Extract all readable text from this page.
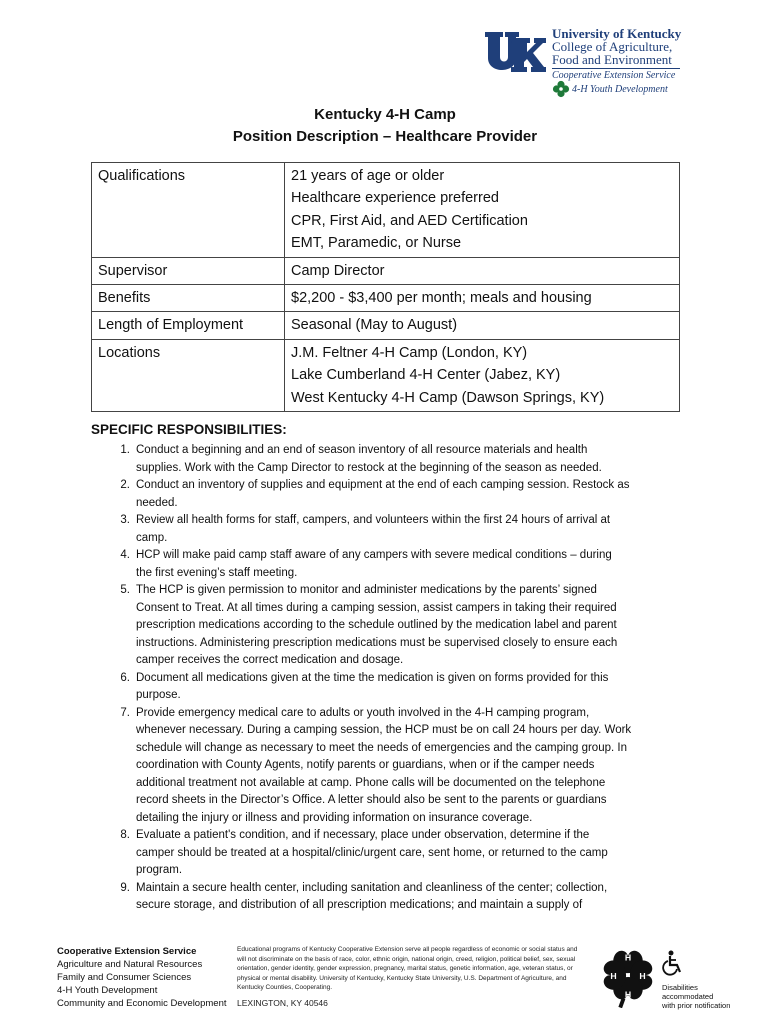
University of Kentucky
College of Agriculture,
Food and Environment
Cooperative Extension Service
4-H Youth Development
Kentucky 4-H Camp
Position Description – Healthcare Provider
Qualifications	21 years of age or older
Healthcare experience preferred
CPR, First Aid, and AED Certification
EMT, Paramedic, or Nurse

Supervisor	Camp Director

Benefits	$2,200 - $3,400 per month; meals and housing

Length of Employment	Seasonal (May to August)

Locations	J.M. Feltner 4-H Camp (London, KY)
Lake Cumberland 4-H Center (Jabez, KY)
West Kentucky 4-H Camp (Dawson Springs, KY)
SPECIFIC RESPONSIBILITIES:
1. Conduct a beginning and an end of season inventory of all resource materials and health
supplies. Work with the Camp Director to restock at the beginning of the season as needed.
2. Conduct an inventory of supplies and equipment at the end of each camping session. Restock as
needed.
3. Review all health forms for staff, campers, and volunteers within the first 24 hours of arrival at
camp.
4. HCP will make paid camp staff aware of any campers with severe medical conditions – during
the first evening’s staff meeting.
5. The HCP is given permission to monitor and administer medications by the parents’ signed
Consent to Treat. At all times during a camping session, assist campers in taking their required
prescription medications according to the schedule outlined by the medication label and parent
instructions. Administering prescription medications must be supervised closely to ensure each
camper receives the correct medication and dosage.
6. Document all medications given at the time the medication is given on forms provided for this
purpose.
7. Provide emergency medical care to adults or youth involved in the 4-H camping program,
whenever necessary. During a camping session, the HCP must be on call 24 hours per day. Work
schedule will change as necessary to meet the needs of emergencies and the camping group. In
coordination with County Agents, notify parents or guardians, when or if the camper needs
additional treatment not available at camp. Phone calls will be documented on the telephone
record sheets in the Director’s Office. A letter should also be sent to the parents or guardians
detailing the injury or illness and providing information on insurance coverage.
8. Evaluate a patient's condition, and if necessary, place under observation, determine if the
camper should be treated at a hospital/clinic/urgent care, sent home, or returned to the camp
program.
9. Maintain a secure health center, including sanitation and cleanliness of the center; collection,
secure storage, and distribution of all prescription medications; and maintain a supply of
Cooperative Extension Service
Agriculture and Natural Resources
Family and Consumer Sciences
4-H Youth Development
Community and Economic Development
Educational programs of Kentucky Cooperative Extension serve all people regardless of economic or social status and will not discriminate on the basis of race, color, ethnic origin, national origin, creed, religion, political belief, sex, sexual orientation, gender identity, gender expression, pregnancy, marital status, genetic information, age, veteran status, or physical or mental disability. University of Kentucky, Kentucky State University, U.S. Department of Agriculture, and Kentucky Counties, Cooperating.
LEXINGTON, KY 40546
H
H
H
H
Disabilities
accommodated
with prior notification
